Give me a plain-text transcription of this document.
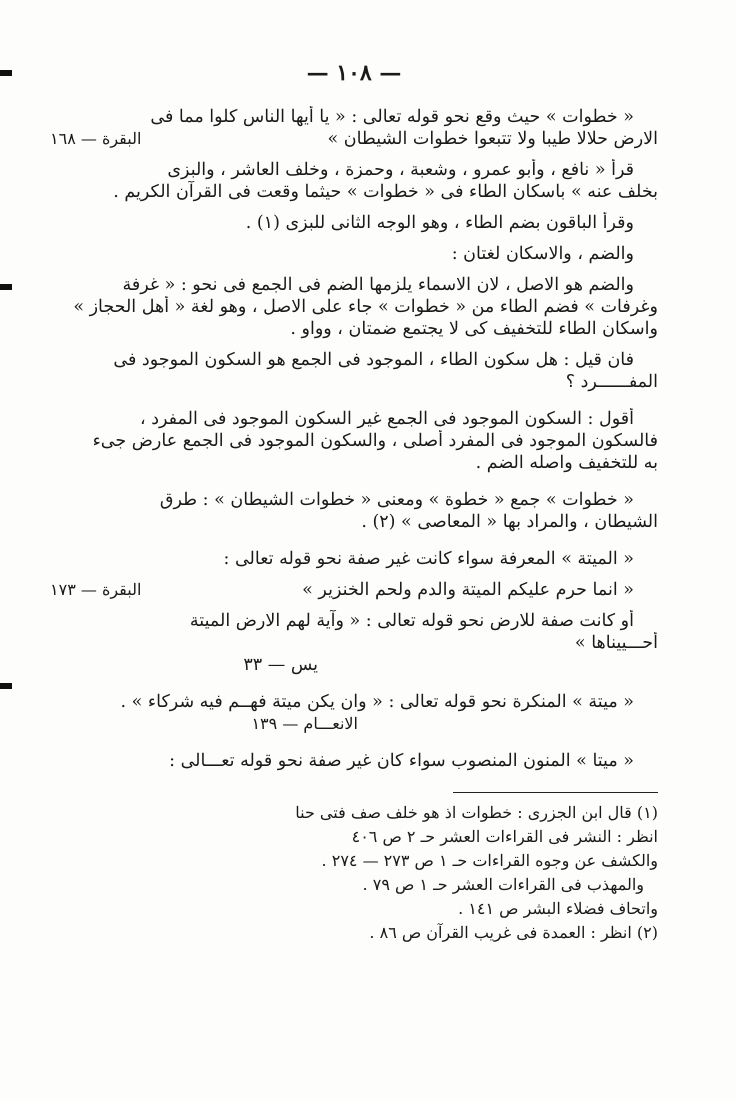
— ١٠٨ —

« خطوات » حيث وقع نحو قوله تعالى : « يا أيها الناس كلوا مما فى

الارض حلالا طيبا ولا تتبعوا خطوات الشيطان »
البقرة — ١٦٨

قرأ « نافع ، وأبو عمرو ، وشعبة ، وحمزة ، وخلف العاشر ، والبزى

بخلف عنه » باسكان الطاء فى « خطوات » حيثما وقعت فى القرآن الكريم .

وقرأ الباقون بضم الطاء ، وهو الوجه الثانى للبزى (١) .

والضم ، والاسكان لغتان :

والضم هو الاصل ، لان الاسماء يلزمها الضم فى الجمع فى نحو : « غرفة

وغرفات » فضم الطاء من « خطوات » جاء على الاصل ، وهو لغة « أهل الحجاز »

واسكان الطاء للتخفيف كى لا يجتمع ضمتان ، وواو .

فان قيل : هل سكون الطاء ، الموجود فى الجمع هو السكون الموجود فى

المفــــــرد ؟

أقول : السكون الموجود فى الجمع غير السكون الموجود فى المفرد ،

فالسكون الموجود فى المفرد أصلى ، والسكون الموجود فى الجمع عارض جىء

به للتخفيف واصله الضم .

« خطوات » جمع « خطوة » ومعنى « خطوات الشيطان » : طرق

الشيطان ، والمراد بها « المعاصى » (٢) .

« الميتة » المعرفة سواء كانت غير صفة نحو قوله تعالى :

« انما حرم عليكم الميتة والدم ولحم الخنزير »
البقرة — ١٧٣

أو كانت صفة للارض نحو قوله تعالى : « وآية لهم الارض الميتة

أحـــييناها »

يس — ٣٣

« ميتة » المنكرة نحو قوله تعالى : « وان يكن ميتة فهــم فيه شركاء » .

الانعـــام — ١٣٩

« ميتا » المنون المنصوب سواء كان غير صفة نحو قوله تعـــالى :

(١) قال ابن الجزرى : خطوات اذ هو خلف صف فتى حنا

انظر : النشر فى القراءات العشر حـ ٢ ص ٤٠٦

والكشف عن وجوه القراءات حـ ١ ص ٢٧٣ — ٢٧٤ .

والمهذب فى القراءات العشر حـ ١ ص ٧٩ .

واتحاف فضلاء البشر ص ١٤١ .

(٢) انظر : العمدة فى غريب القرآن ص ٨٦ .
